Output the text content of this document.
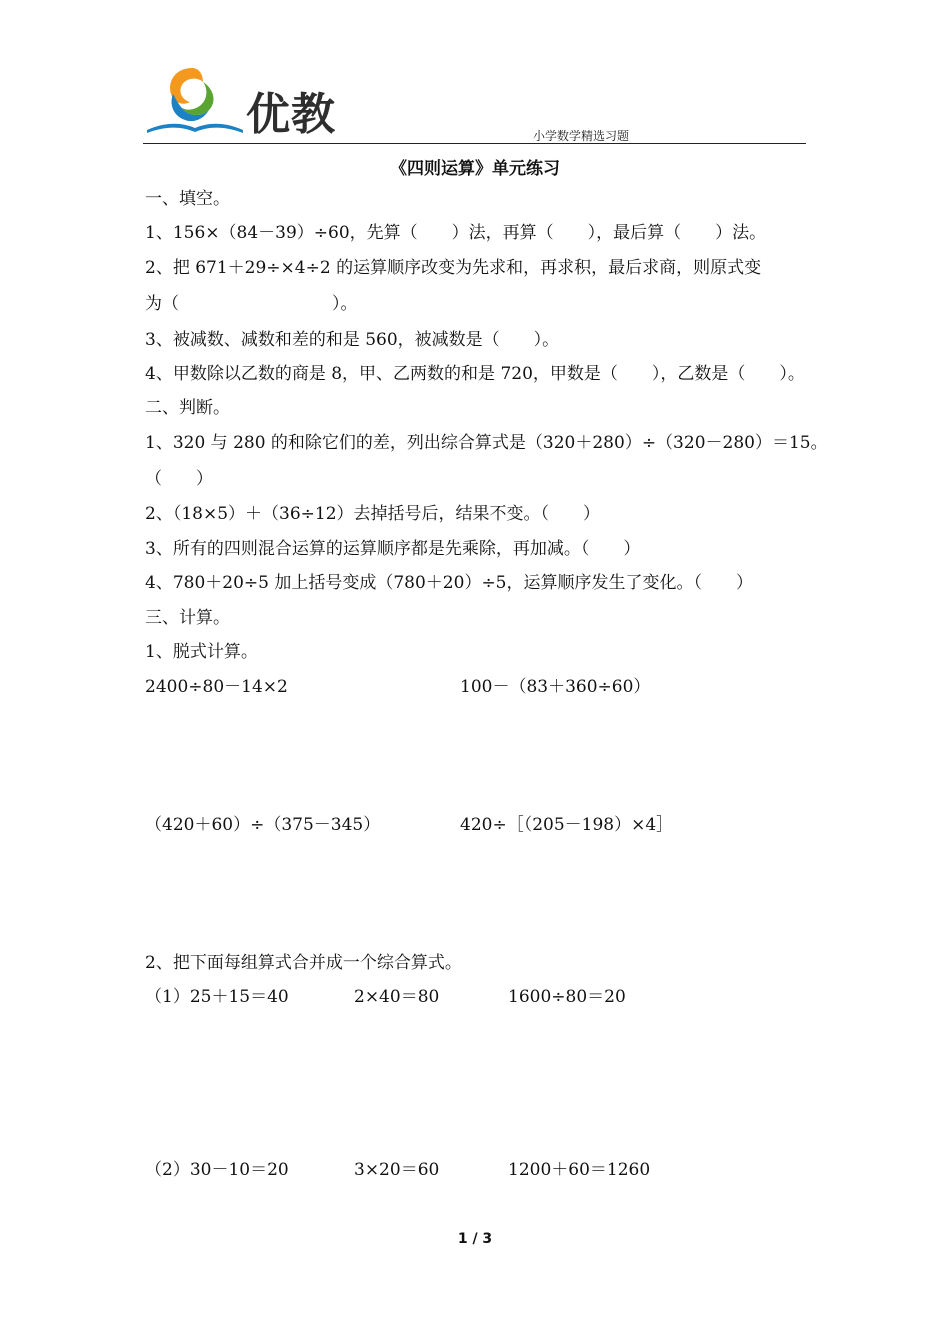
优教	小学数学精选习题
《四则运算》单元练习
一、填空。
1、156×（84－39）÷60，先算（　　）法，再算（　　），最后算（　　）法。
2、把 671＋29÷×4÷2 的运算顺序改变为先求和，再求积，最后求商，则原式变
为（　　　　　　　　　）。
3、被减数、减数和差的和是 560，被减数是（　　）。
4、甲数除以乙数的商是 8，甲、乙两数的和是 720，甲数是（　　），乙数是（　　）。
二、判断。
1、320 与 280 的和除它们的差，列出综合算式是（320＋280）÷（320－280）＝15。
（　　）
2、（18×5）＋（36÷12）去掉括号后，结果不变。（　　）
3、所有的四则混合运算的运算顺序都是先乘除，再加减。（　　）
4、780＋20÷5 加上括号变成（780＋20）÷5，运算顺序发生了变化。（　　）
三、计算。
1、脱式计算。
2400÷80－14×2	100－（83＋360÷60）
（420＋60）÷（375－345）	420÷［（205－198）×4］
2、把下面每组算式合并成一个综合算式。
（1）25＋15＝40	2×40＝80	1600÷80＝20
（2）30－10＝20	3×20＝60	1200＋60＝1260
1 / 3
